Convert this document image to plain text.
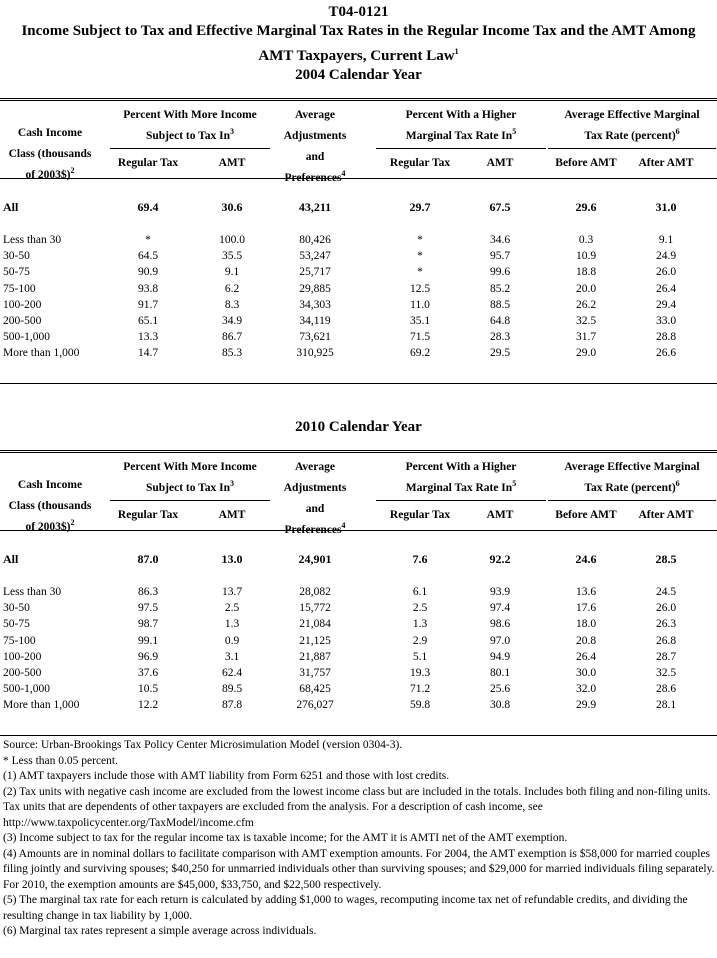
T04-0121
Income Subject to Tax and Effective Marginal Tax Rates in the Regular Income Tax and the AMT Among
AMT Taxpayers, Current Law$^1$
2004 Calendar Year
Cash Income
Class (thousands
of 2003$)$^2$
Percent With More Income
Subject to Tax In$^3$
Average
Adjustments
and
Preferences$^4$
Percent With a Higher
Marginal Tax Rate In$^5$
Average Effective Marginal
Tax Rate (percent)$^6$
Regular Tax	AMT	Regular Tax	AMT	Before AMT	After AMT
All	69.4	30.6	43,211	29.7	67.5	29.6	31.0
Less than 30	*	100.0	80,426	*	34.6	0.3	9.1
30-50	64.5	35.5	53,247	*	95.7	10.9	24.9
50-75	90.9	9.1	25,717	*	99.6	18.8	26.0
75-100	93.8	6.2	29,885	12.5	85.2	20.0	26.4
100-200	91.7	8.3	34,303	11.0	88.5	26.2	29.4
200-500	65.1	34.9	34,119	35.1	64.8	32.5	33.0
500-1,000	13.3	86.7	73,621	71.5	28.3	31.7	28.8
More than 1,000	14.7	85.3	310,925	69.2	29.5	29.0	26.6
2010 Calendar Year
Cash Income
Class (thousands
of 2003$)$^2$
Percent With More Income
Subject to Tax In$^3$
Average
Adjustments
and
Preferences$^4$
Percent With a Higher
Marginal Tax Rate In$^5$
Average Effective Marginal
Tax Rate (percent)$^6$
Regular Tax	AMT	Regular Tax	AMT	Before AMT	After AMT
All	87.0	13.0	24,901	7.6	92.2	24.6	28.5
Less than 30	86.3	13.7	28,082	6.1	93.9	13.6	24.5
30-50	97.5	2.5	15,772	2.5	97.4	17.6	26.0
50-75	98.7	1.3	21,084	1.3	98.6	18.0	26.3
75-100	99.1	0.9	21,125	2.9	97.0	20.8	26.8
100-200	96.9	3.1	21,887	5.1	94.9	26.4	28.7
200-500	37.6	62.4	31,757	19.3	80.1	30.0	32.5
500-1,000	10.5	89.5	68,425	71.2	25.6	32.0	28.6
More than 1,000	12.2	87.8	276,027	59.8	30.8	29.9	28.1
Source: Urban-Brookings Tax Policy Center Microsimulation Model (version 0304-3).
* Less than 0.05 percent.
(1) AMT taxpayers include those with AMT liability from Form 6251 and those with lost credits.
(2) Tax units with negative cash income are excluded from the lowest income class but are included in the totals. Includes both filing and non-filing units. Tax units that are dependents of other taxpayers are excluded from the analysis. For a description of cash income, see http://www.taxpolicycenter.org/TaxModel/income.cfm
(3) Income subject to tax for the regular income tax is taxable income; for the AMT it is AMTI net of the AMT exemption.
(4) Amounts are in nominal dollars to facilitate comparison with AMT exemption amounts. For 2004, the AMT exemption is $58,000 for married couples filing jointly and surviving spouses; $40,250 for unmarried individuals other than surviving spouses; and $29,000 for married individuals filing separately. For 2010, the exemption amounts are $45,000, $33,750, and $22,500 respectively.
(5) The marginal tax rate for each return is calculated by adding $1,000 to wages, recomputing income tax net of refundable credits, and dividing the resulting change in tax liability by 1,000.
(6) Marginal tax rates represent a simple average across individuals.
